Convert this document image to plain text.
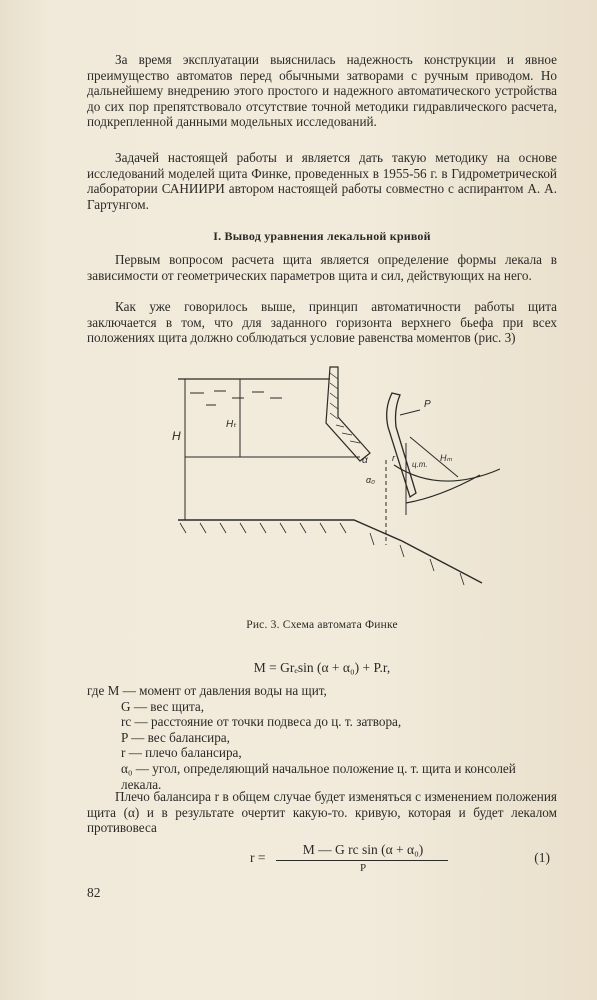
За время эксплуатации выяснилась надежность конструкции и явное преимущество автоматов перед обычными затворами с ручным приводом. Но дальнейшему внедрению этого простого и надежного автоматического устройства до сих пор препятствовало отсутствие точной методики гидравлического расчета, подкрепленной данными модельных исследований.

Задачей настоящей работы и является дать такую методику на основе исследований моделей щита Финке, проведенных в 1955-56 г. в Гидрометрической лаборатории САНИИРИ автором настоящей работы совместно с аспирантом А. А. Гартунгом.

I. Вывод уравнения лекальной кривой

Первым вопросом расчета щита является определение формы лекала в зависимости от геометрических параметров щита и сил, действующих на него.

Как уже говорилось выше, принцип автоматичности работы щита заключается в том, что для заданного горизонта верхнего бьефа при всех положениях щита должно соблюдаться условие равенства моментов (рис. 3)

H
Hₜ
P
α
α₀
r
ц.т.
Hₘ
Рис. 3. Схема автомата Финке
M = Grₑsin (α + α₀) + P.r,

где M — момент от давления воды на щит,

G — вес щита,

rс — расстояние от точки подвеса до ц. т. затвора,

P — вес балансира,

r — плечо балансира,

α₀ — угол, определяющий начальное положение ц. т. щита и консолей лекала.

Плечо балансира r в общем случае будет изменяться с изменением положения щита (α) и в результате очертит какую-то. кривую, которая и будет лекалом противовеса

r =
M — G rс sin (α + α₀)
P
(1)
82
